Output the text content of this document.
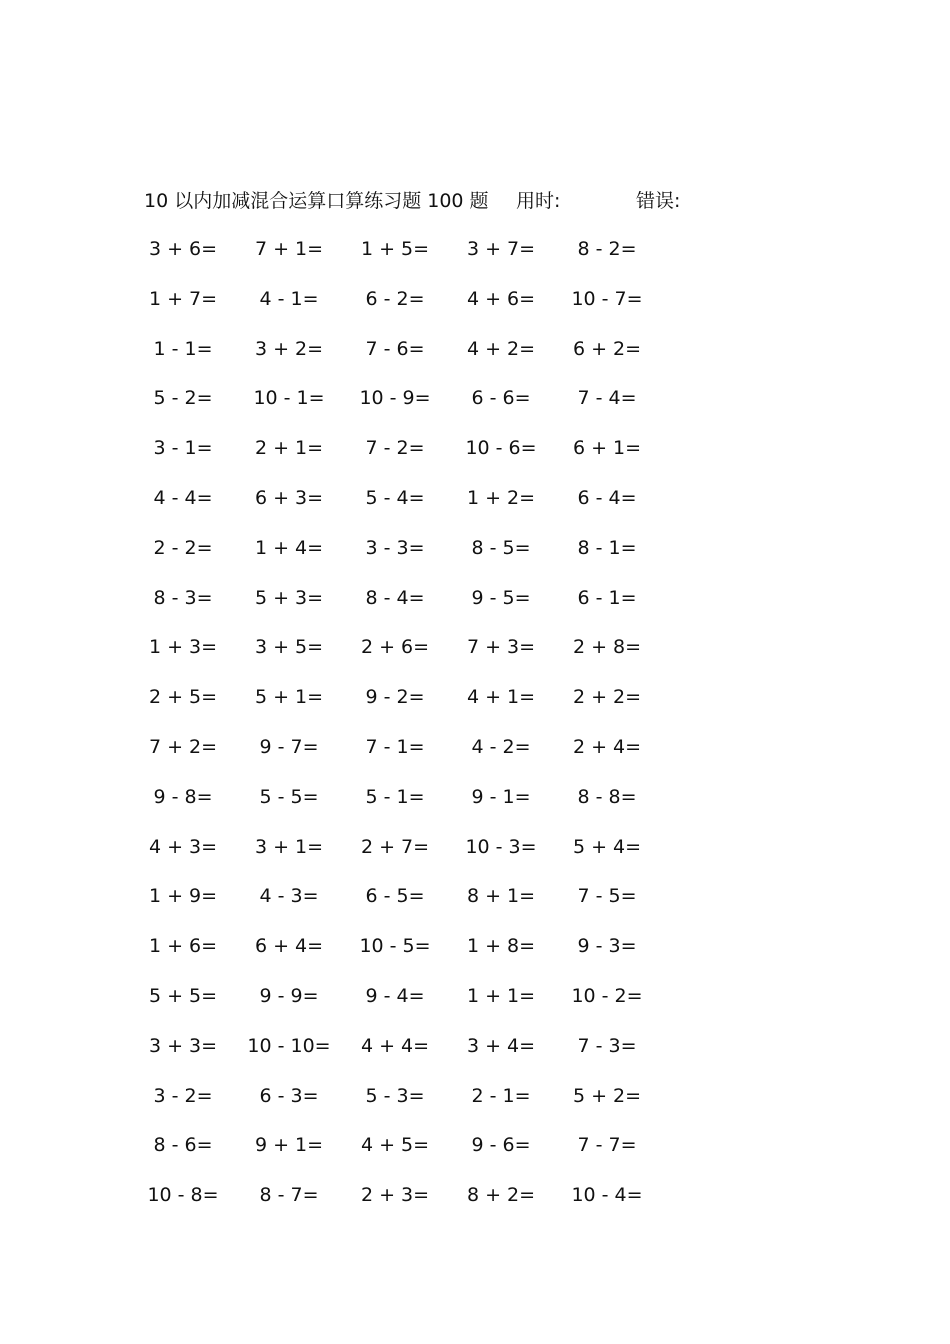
10 以内加减混合运算口算练习题 100 题 用时:	错误:
3 + 6=	7 + 1=	1 + 5=	3 + 7=	8 - 2=
1 + 7=	4 - 1=	6 - 2=	4 + 6=	10 - 7=
1 - 1=	3 + 2=	7 - 6=	4 + 2=	6 + 2=
5 - 2=	10 - 1=	10 - 9=	6 - 6=	7 - 4=
3 - 1=	2 + 1=	7 - 2=	10 - 6=	6 + 1=
4 - 4=	6 + 3=	5 - 4=	1 + 2=	6 - 4=
2 - 2=	1 + 4=	3 - 3=	8 - 5=	8 - 1=
8 - 3=	5 + 3=	8 - 4=	9 - 5=	6 - 1=
1 + 3=	3 + 5=	2 + 6=	7 + 3=	2 + 8=
2 + 5=	5 + 1=	9 - 2=	4 + 1=	2 + 2=
7 + 2=	9 - 7=	7 - 1=	4 - 2=	2 + 4=
9 - 8=	5 - 5=	5 - 1=	9 - 1=	8 - 8=
4 + 3=	3 + 1=	2 + 7=	10 - 3=	5 + 4=
1 + 9=	4 - 3=	6 - 5=	8 + 1=	7 - 5=
1 + 6=	6 + 4=	10 - 5=	1 + 8=	9 - 3=
5 + 5=	9 - 9=	9 - 4=	1 + 1=	10 - 2=
3 + 3=	10 - 10=	4 + 4=	3 + 4=	7 - 3=
3 - 2=	6 - 3=	5 - 3=	2 - 1=	5 + 2=
8 - 6=	9 + 1=	4 + 5=	9 - 6=	7 - 7=
10 - 8=	8 - 7=	2 + 3=	8 + 2=	10 - 4=
